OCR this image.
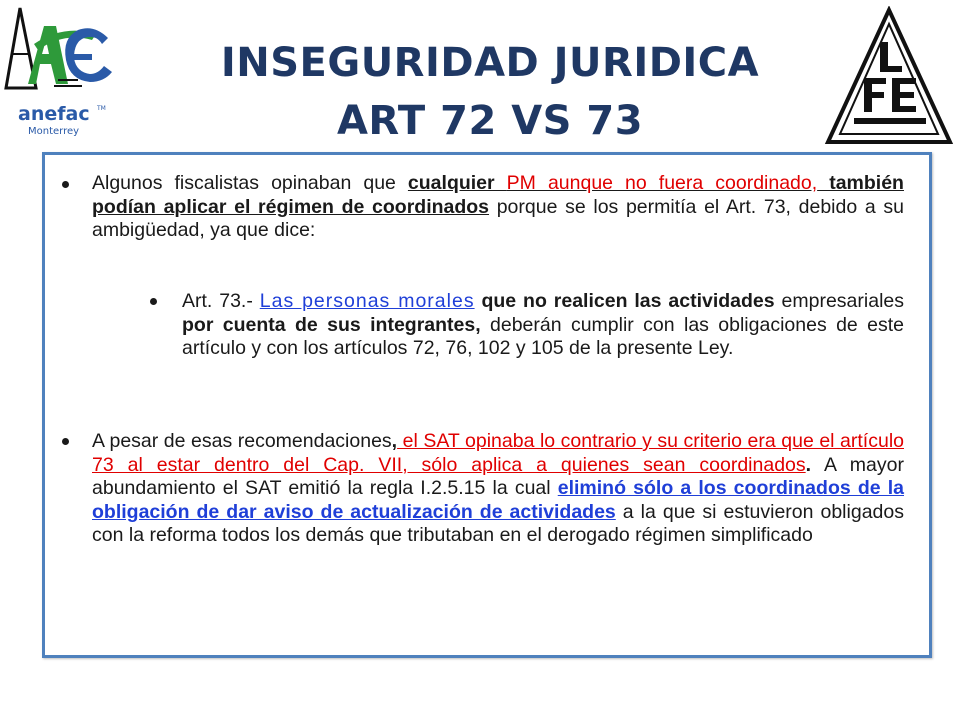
anefac TM
Monterrey
INSEGURIDAD JURIDICA
ART 72 VS 73
Algunos fiscalistas opinaban que cualquier PM aunque no fuera coordinado, también podían aplicar el régimen de coordinados porque se los permitía el Art. 73, debido a su ambigüedad, ya que dice:
Art. 73.- Las personas morales que no realicen las actividades empresariales por cuenta de sus integrantes, deberán cumplir con las obligaciones de este artículo y con los artículos 72, 76, 102 y 105 de la presente Ley.
A pesar de esas recomendaciones, el SAT opinaba lo contrario y su criterio era que el artículo 73 al estar dentro del Cap. VII, sólo aplica a quienes sean coordinados. A mayor abundamiento el SAT emitió la regla I.2.5.15 la cual eliminó sólo a los coordinados de la obligación de dar aviso de actualización de actividades a la que si estuvieron obligados con la reforma todos los demás que tributaban en el derogado régimen simplificado
